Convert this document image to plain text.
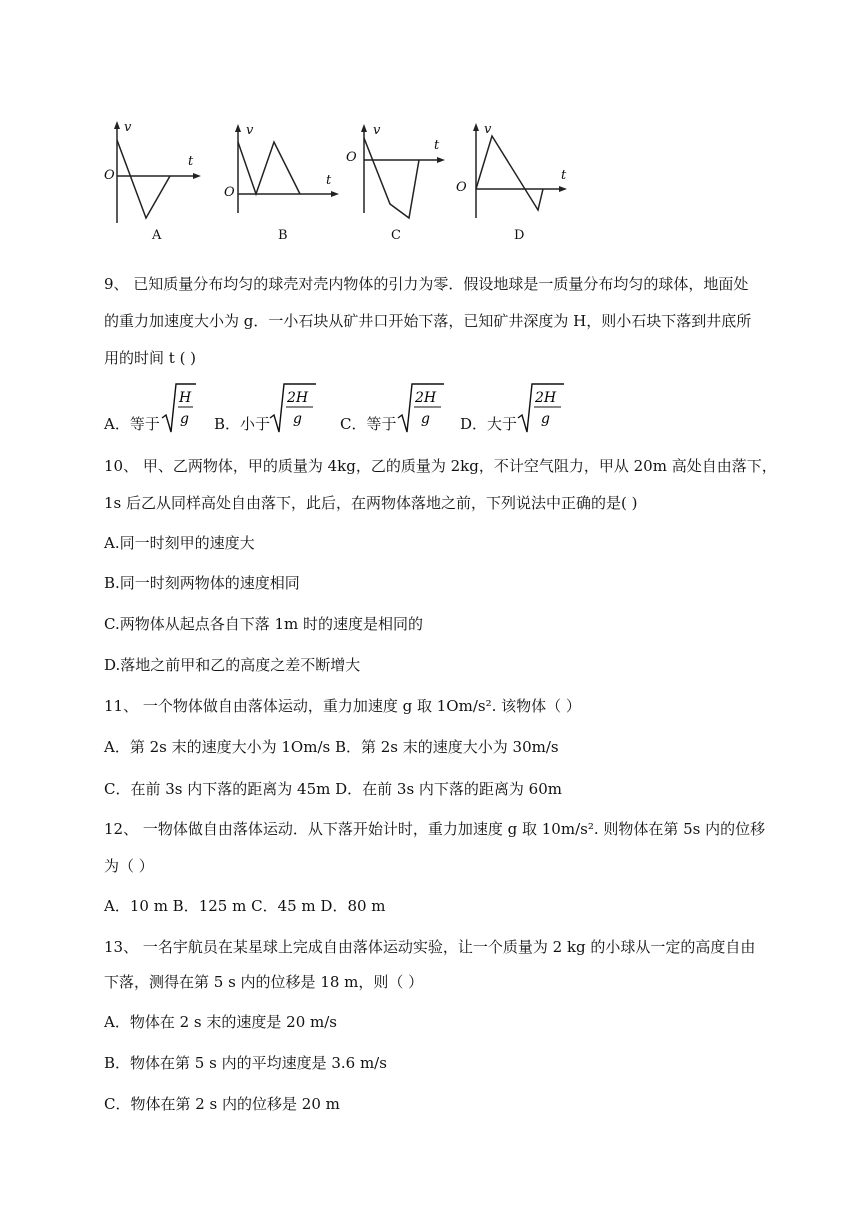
v
t
O
A
v
t
O
B
v
t
O
C
v
t
O
D
9、 已知质量分布均匀的球壳对壳内物体的引力为零．假设地球是一质量分布均匀的球体，地面处
的重力加速度大小为 g．一小石块从矿井口开始下落，已知矿井深度为 H，则小石块下落到井底所
用的时间 t ( )
A．等于
H
g B．小于
2H
g	C．等于
2H
g D．大于
2H
g
10、 甲、乙两物体，甲的质量为 4kg，乙的质量为 2kg，不计空气阻力，甲从 20m 高处自由落下，
1s 后乙从同样高处自由落下，此后，在两物体落地之前，下列说法中正确的是( )
A.同一时刻甲的速度大
B.同一时刻两物体的速度相同
C.两物体从起点各自下落 1m 时的速度是相同的
D.落地之前甲和乙的高度之差不断增大
11、 一个物体做自由落体运动，重力加速度 g 取 1Om/s². 该物体（ ）
A．第 2s 末的速度大小为 1Om/s B．第 2s 末的速度大小为 30m/s
C．在前 3s 内下落的距离为 45m D．在前 3s 内下落的距离为 60m
12、 一物体做自由落体运动．从下落开始计时，重力加速度 g 取 10m/s². 则物体在第 5s 内的位移
为（ ）
A．10 m B．125 m C．45 m D．80 m
13、 一名宇航员在某星球上完成自由落体运动实验，让一个质量为 2 kg 的小球从一定的高度自由
下落，测得在第 5 s 内的位移是 18 m，则（ ）
A．物体在 2 s 末的速度是 20 m/s
B．物体在第 5 s 内的平均速度是 3.6 m/s
C．物体在第 2 s 内的位移是 20 m
